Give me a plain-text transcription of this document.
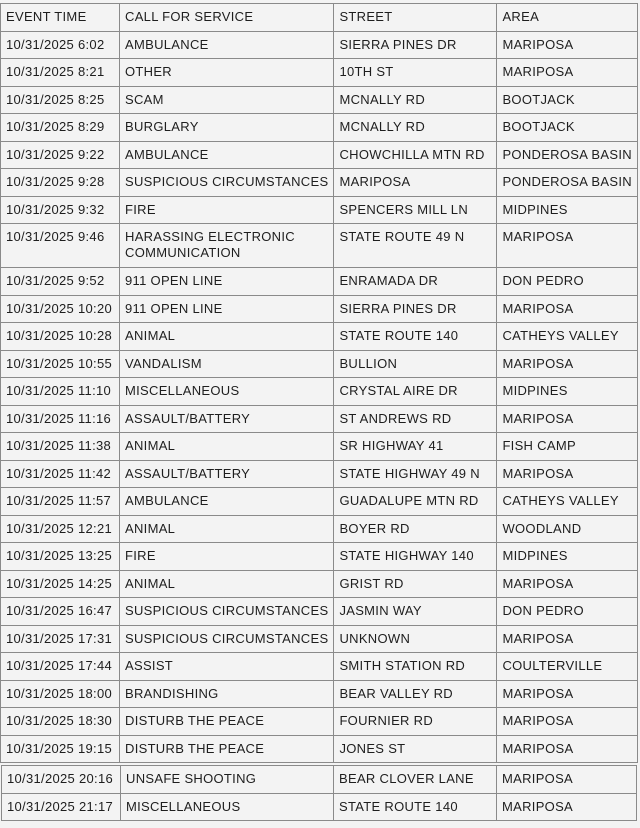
EVENT TIME	CALL FOR SERVICE	STREET	AREA

10/31/2025 6:02	AMBULANCE	SIERRA PINES DR	MARIPOSA

10/31/2025 8:21	OTHER	10TH ST	MARIPOSA

10/31/2025 8:25	SCAM	MCNALLY RD	BOOTJACK

10/31/2025 8:29	BURGLARY	MCNALLY RD	BOOTJACK

10/31/2025 9:22	AMBULANCE	CHOWCHILLA MTN RD	PONDEROSA BASIN

10/31/2025 9:28	SUSPICIOUS CIRCUMSTANCES	MARIPOSA	PONDEROSA BASIN

10/31/2025 9:32	FIRE	SPENCERS MILL LN	MIDPINES

10/31/2025 9:46	HARASSING ELECTRONIC COMMUNICATION	STATE ROUTE 49 N	MARIPOSA

10/31/2025 9:52	911 OPEN LINE	ENRAMADA DR	DON PEDRO

10/31/2025 10:20	911 OPEN LINE	SIERRA PINES DR	MARIPOSA

10/31/2025 10:28	ANIMAL	STATE ROUTE 140	CATHEYS VALLEY

10/31/2025 10:55	VANDALISM	BULLION	MARIPOSA

10/31/2025 11:10	MISCELLANEOUS	CRYSTAL AIRE DR	MIDPINES

10/31/2025 11:16	ASSAULT/BATTERY	ST ANDREWS RD	MARIPOSA

10/31/2025 11:38	ANIMAL	SR HIGHWAY 41	FISH CAMP

10/31/2025 11:42	ASSAULT/BATTERY	STATE HIGHWAY 49 N	MARIPOSA

10/31/2025 11:57	AMBULANCE	GUADALUPE MTN RD	CATHEYS VALLEY

10/31/2025 12:21	ANIMAL	BOYER RD	WOODLAND

10/31/2025 13:25	FIRE	STATE HIGHWAY 140	MIDPINES

10/31/2025 14:25	ANIMAL	GRIST RD	MARIPOSA

10/31/2025 16:47	SUSPICIOUS CIRCUMSTANCES	JASMIN WAY	DON PEDRO

10/31/2025 17:31	SUSPICIOUS CIRCUMSTANCES	UNKNOWN	MARIPOSA

10/31/2025 17:44	ASSIST	SMITH STATION RD	COULTERVILLE

10/31/2025 18:00	BRANDISHING	BEAR VALLEY RD	MARIPOSA

10/31/2025 18:30	DISTURB THE PEACE	FOURNIER RD	MARIPOSA

10/31/2025 19:15	DISTURB THE PEACE	JONES ST	MARIPOSA
10/31/2025 20:16	UNSAFE SHOOTING	BEAR CLOVER LANE	MARIPOSA

10/31/2025 21:17	MISCELLANEOUS	STATE ROUTE 140	MARIPOSA
